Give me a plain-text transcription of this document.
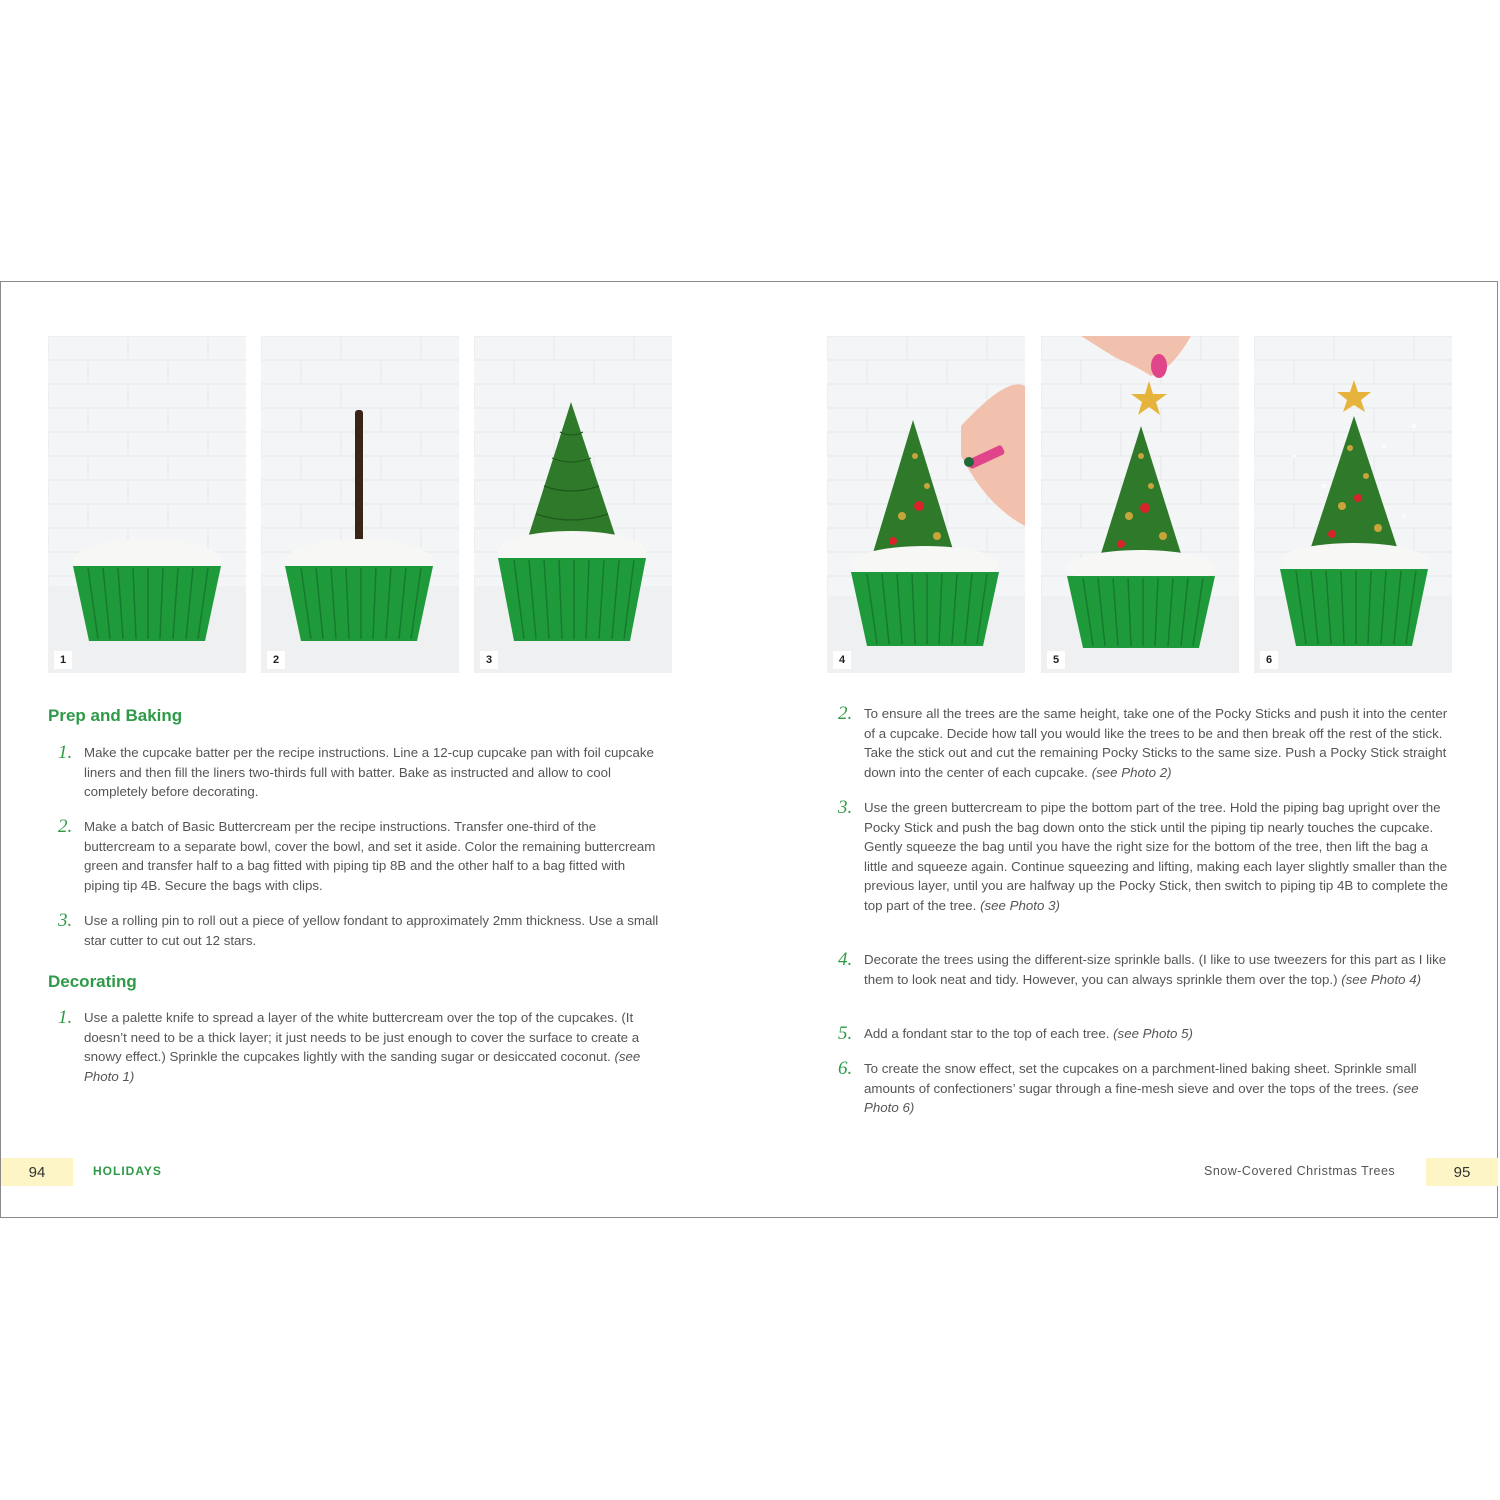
1	2	3	4	5	6
Prep and Baking
1. Make the cupcake batter per the recipe instructions. Line a 12-cup cupcake pan with foil cupcake liners and then fill the liners two-thirds full with batter. Bake as instructed and allow to cool completely before decorating.
2. Make a batch of Basic Buttercream per the recipe instructions. Transfer one-third of the buttercream to a separate bowl, cover the bowl, and set it aside. Color the remaining buttercream green and transfer half to a bag fitted with piping tip 8B and the other half to a bag fitted with piping tip 4B. Secure the bags with clips.
3. Use a rolling pin to roll out a piece of yellow fondant to approximately 2mm thickness. Use a small star cutter to cut out 12 stars.
Decorating
1. Use a palette knife to spread a layer of the white buttercream over the top of the cupcakes. (It doesn’t need to be a thick layer; it just needs to be just enough to cover the surface to create a snowy effect.) Sprinkle the cupcakes lightly with the sanding sugar or desiccated coconut. (see Photo 1)
2. To ensure all the trees are the same height, take one of the Pocky Sticks and push it into the center of a cupcake. Decide how tall you would like the trees to be and then break off the rest of the stick. Take the stick out and cut the remaining Pocky Sticks to the same size. Push a Pocky Stick straight down into the center of each cupcake. (see Photo 2)
3. Use the green buttercream to pipe the bottom part of the tree. Hold the piping bag upright over the Pocky Stick and push the bag down onto the stick until the piping tip nearly touches the cupcake. Gently squeeze the bag until you have the right size for the bottom of the tree, then lift the bag a little and squeeze again. Continue squeezing and lifting, making each layer slightly smaller than the previous layer, until you are halfway up the Pocky Stick, then switch to piping tip 4B to complete the top part of the tree. (see Photo 3)
4. Decorate the trees using the different-size sprinkle balls. (I like to use tweezers for this part as I like them to look neat and tidy. However, you can always sprinkle them over the top.) (see Photo 4)
5. Add a fondant star to the top of each tree. (see Photo 5)
6. To create the snow effect, set the cupcakes on a parchment-lined baking sheet. Sprinkle small amounts of confectioners’ sugar through a fine-mesh sieve and over the tops of the trees. (see Photo 6)
94	HOLIDAYS	Snow-Covered Christmas Trees	95
